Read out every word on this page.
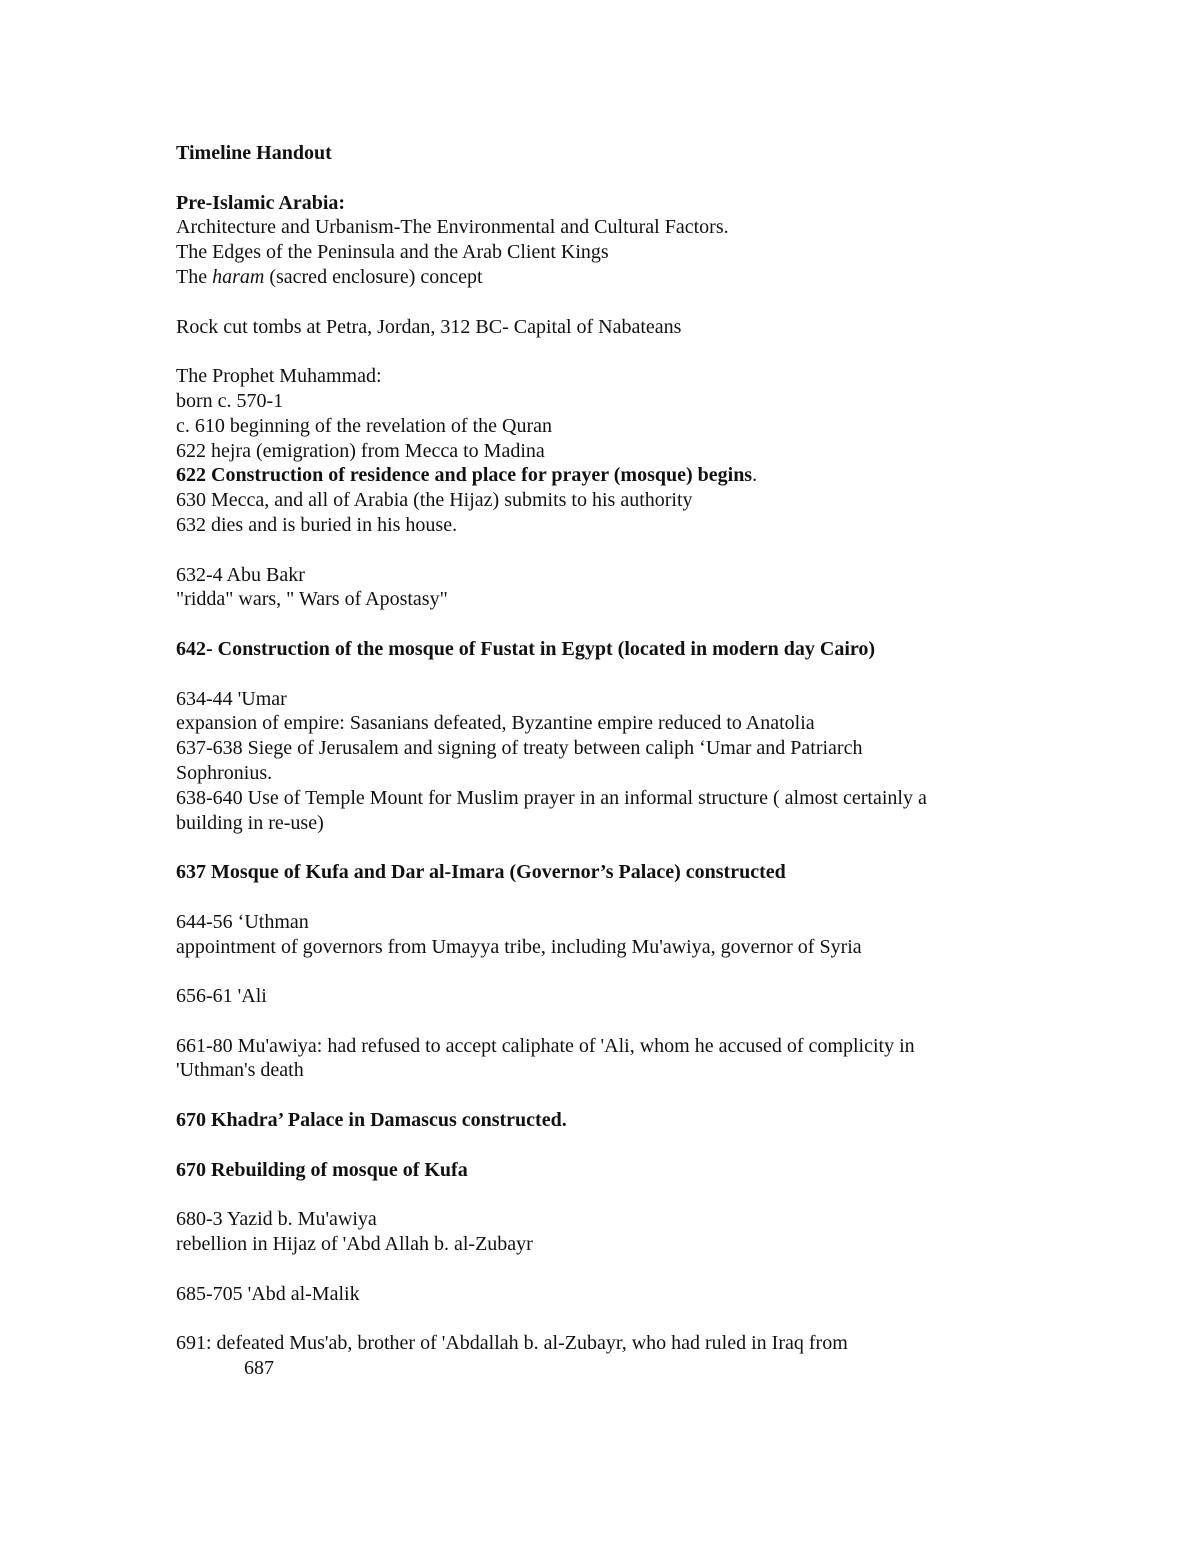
Timeline Handout
Pre-Islamic Arabia:
Architecture and Urbanism-The Environmental and Cultural Factors.
The Edges of the Peninsula and the Arab Client Kings
The haram (sacred enclosure) concept
Rock cut tombs at Petra, Jordan, 312 BC- Capital of Nabateans
The Prophet Muhammad:
born c. 570-1
c. 610 beginning of the revelation of the Quran
622 hejra (emigration) from Mecca to Madina
622 Construction of residence and place for prayer (mosque) begins.
630 Mecca, and all of Arabia (the Hijaz) submits to his authority
632 dies and is buried in his house.
632-4 Abu Bakr
"ridda" wars, " Wars of Apostasy"
642- Construction of the mosque of Fustat in Egypt (located in modern day Cairo)
634-44 'Umar
expansion of empire: Sasanians defeated, Byzantine empire reduced to Anatolia
637-638 Siege of Jerusalem and signing of treaty between caliph ‘Umar and Patriarch
Sophronius.
638-640 Use of Temple Mount for Muslim prayer in an informal structure ( almost certainly a
building in re-use)
637 Mosque of Kufa and Dar al-Imara (Governor’s Palace) constructed
644-56 ‘Uthman
appointment of governors from Umayya tribe, including Mu'awiya, governor of Syria
656-61 'Ali
661-80 Mu'awiya: had refused to accept caliphate of 'Ali, whom he accused of complicity in
'Uthman's death
670 Khadra’ Palace in Damascus constructed.
670 Rebuilding of mosque of Kufa
680-3 Yazid b. Mu'awiya
rebellion in Hijaz of 'Abd Allah b. al-Zubayr
685-705 'Abd al-Malik
691: defeated Mus'ab, brother of 'Abdallah b. al-Zubayr, who had ruled in Iraq from
687
